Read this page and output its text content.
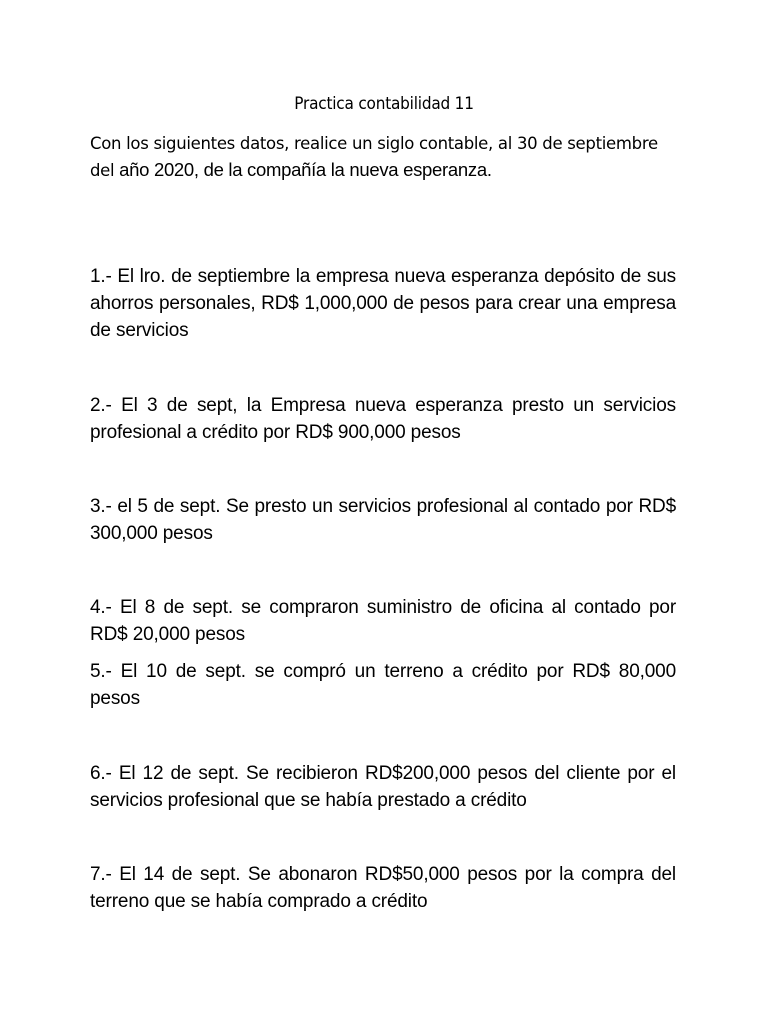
Practica contabilidad 11
Con los siguientes datos, realice un siglo contable, al 30 de septiembre
del año 2020, de la compañía la nueva esperanza.
1.- El lro. de septiembre la empresa nueva esperanza depósito de sus ahorros personales, RD$ 1,000,000 de pesos para crear una empresa de servicios
2.- El 3 de sept, la Empresa nueva esperanza presto un servicios profesional a crédito por RD$ 900,000 pesos
3.- el 5 de sept. Se presto un servicios profesional al contado por RD$ 300,000 pesos
4.- El 8 de sept. se compraron suministro de oficina al contado por RD$ 20,000 pesos
5.- El 10 de sept. se compró un terreno a crédito por RD$ 80,000 pesos
6.- El 12 de sept. Se recibieron RD$200,000 pesos del cliente por el servicios profesional que se había prestado a crédito
7.- El 14 de sept. Se abonaron RD$50,000 pesos por la compra del terreno que se había comprado a crédito
